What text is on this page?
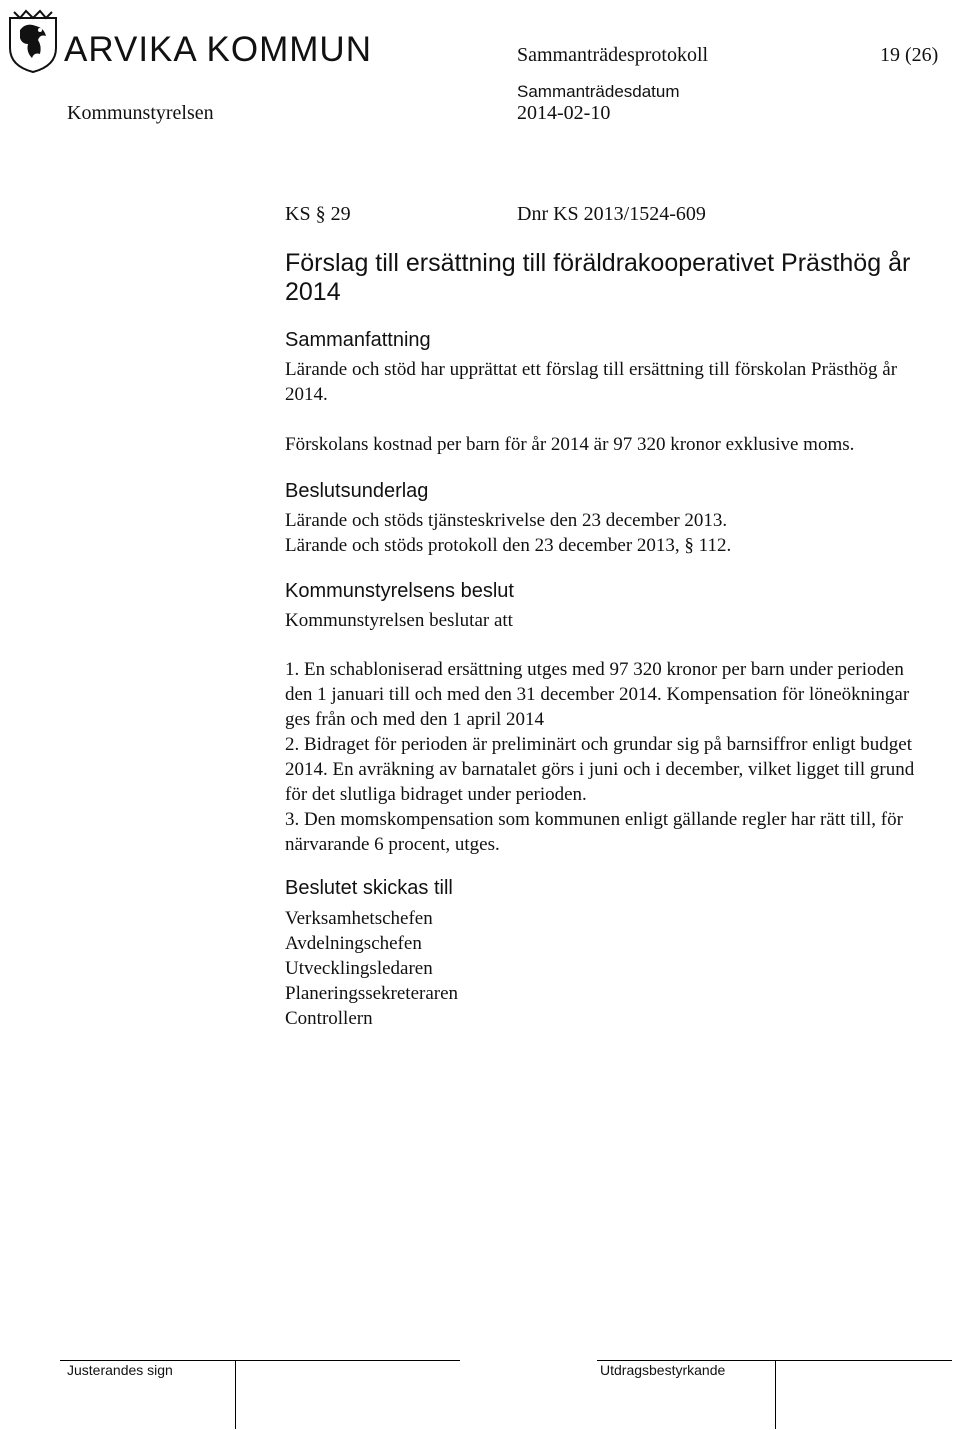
ARVIKA KOMMUN	Sammanträdesprotokoll	19 (26)
Sammanträdesdatum
Kommunstyrelsen	2014-02-10
KS § 29	Dnr KS 2013/1524-609
Förslag till ersättning till föräldrakooperativet Prästhög år 2014
Sammanfattning
Lärande och stöd har upprättat ett förslag till ersättning till förskolan Prästhög år 2014.
Förskolans kostnad per barn för år 2014 är 97 320 kronor exklusive moms.
Beslutsunderlag
Lärande och stöds tjänsteskrivelse den 23 december 2013.
Lärande och stöds protokoll den 23 december 2013, § 112.
Kommunstyrelsens beslut
Kommunstyrelsen beslutar att

1. En schabloniserad ersättning utges med 97 320 kronor per barn under perioden den 1 januari till och med den 31 december 2014. Kompensation för löneökningar ges från och med den 1 april 2014

2. Bidraget för perioden är preliminärt och grundar sig på barnsiffror enligt budget 2014. En avräkning av barnatalet görs i juni och i december, vilket ligget till grund för det slutliga bidraget under perioden.

3. Den momskompensation som kommunen enligt gällande regler har rätt till, för närvarande 6 procent, utges.

Beslutet skickas till
Verksamhetschefen
Avdelningschefen
Utvecklingsledaren
Planeringssekreteraren
Controllern
Justerandes sign	Utdragsbestyrkande
